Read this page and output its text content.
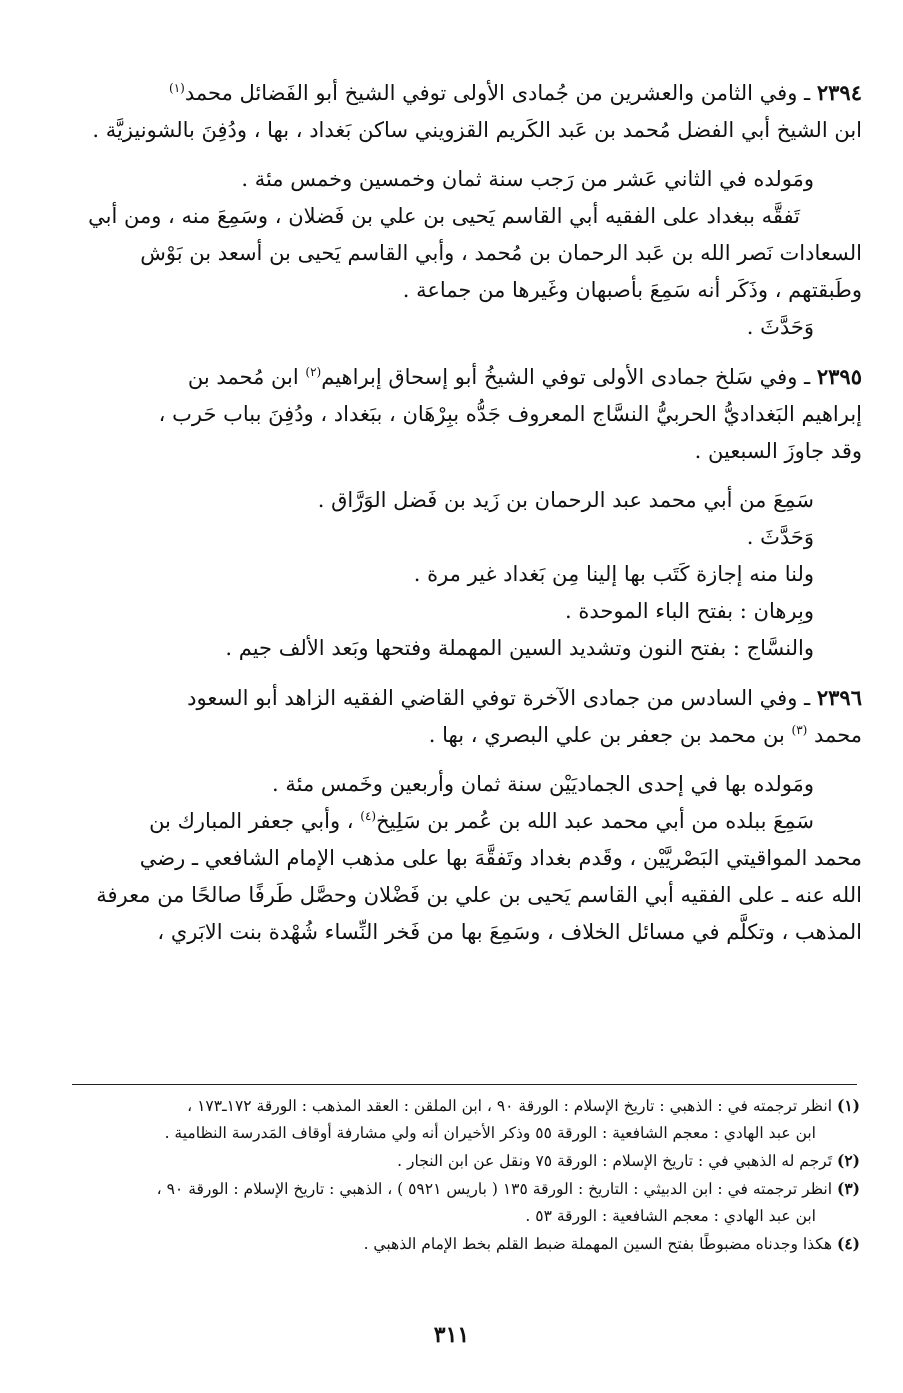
٢٣٩٤ ـ وفي الثامن والعشرين من جُمادى الأولى توفي الشيخ أبو الفَضائل محمد$^{(١)}$

ابن الشيخ أبي الفضل مُحمد بن عَبد الكَريم القزويني ساكن بَغداد ، بها ، ودُفِنَ بالشونيزيَّة .

ومَولده في الثاني عَشر من رَجب سنة ثمان وخمسين وخمس مئة .

تَفقَّه ببغداد على الفقيه أبي القاسم يَحيى بن علي بن فَضلان ، وسَمِعَ منه ، ومن أبي

السعادات نَصر الله بن عَبد الرحمان بن مُحمد ، وأبي القاسم يَحيى بن أسعد بن بَوْش

وطَبقتهم ، وذَكَر أنه سَمِعَ بأصبهان وغَيرها من جماعة .

وَحَدَّثَ .

٢٣٩٥ ـ وفي سَلخ جمادى الأولى توفي الشيخُ أبو إسحاق إبراهيم$^{(٢)}$ ابن مُحمد بن

إبراهيم البَغداديُّ الحربيُّ النسَّاج المعروف جَدُّه ببِرْهَان ، ببَغداد ، ودُفِنَ بباب حَرب ،

وقد جاوزَ السبعين .

سَمِعَ من أبي محمد عبد الرحمان بن زَيد بن فَضل الوَرَّاق .

وَحَدَّثَ .

ولنا منه إجازة كَتَب بها إلينا مِن بَغداد غير مرة .

وبِرهان : بفتح الباء الموحدة .

والنسَّاج : بفتح النون وتشديد السين المهملة وفتحها وبَعد الألف جيم .

٢٣٩٦ ـ وفي السادس من جمادى الآخرة توفي القاضي الفقيه الزاهد أبو السعود

محمد $^{(٣)}$ بن محمد بن جعفر بن علي البصري ، بها .

ومَولده بها في إحدى الجماديَيْن سنة ثمان وأربعين وخَمس مئة .

سَمِعَ ببلده من أبي محمد عبد الله بن عُمر بن سَلِيخ$^{(٤)}$ ، وأبي جعفر المبارك بن

محمد المواقيتي البَصْريَّيْن ، وقَدم بغداد وتَفقَّهَ بها على مذهب الإمام الشافعي ـ رضي

الله عنه ـ على الفقيه أبي القاسم يَحيى بن علي بن فَضْلان وحصَّل طَرفًا صالحًا من معرفة

المذهب ، وتكلَّم في مسائل الخلاف ، وسَمِعَ بها من فَخر النِّساء شُهْدة بنت الابَري ،

(١) انظر ترجمته في : الذهبي : تاريخ الإسلام : الورقة ٩٠ ، ابن الملقن : العقد المذهب : الورقة ١٧٢ـ١٧٣ ،

ابن عبد الهادي : معجم الشافعية : الورقة ٥٥ وذكر الأخيران أنه ولي مشارفة أوقاف المَدرسة النظامية .

(٢) تَرجم له الذهبي في : تاريخ الإسلام : الورقة ٧٥ ونقل عن ابن النجار .

(٣) انظر ترجمته في : ابن الدبيثي : التاريخ : الورقة ١٣٥ ( باريس ٥٩٢١ ) ، الذهبي : تاريخ الإسلام : الورقة ٩٠ ،

ابن عبد الهادي : معجم الشافعية : الورقة ٥٣ .

(٤) هكذا وجدناه مضبوطًا بفتح السين المهملة ضبط القلم بخط الإمام الذهبي .

٣١١
